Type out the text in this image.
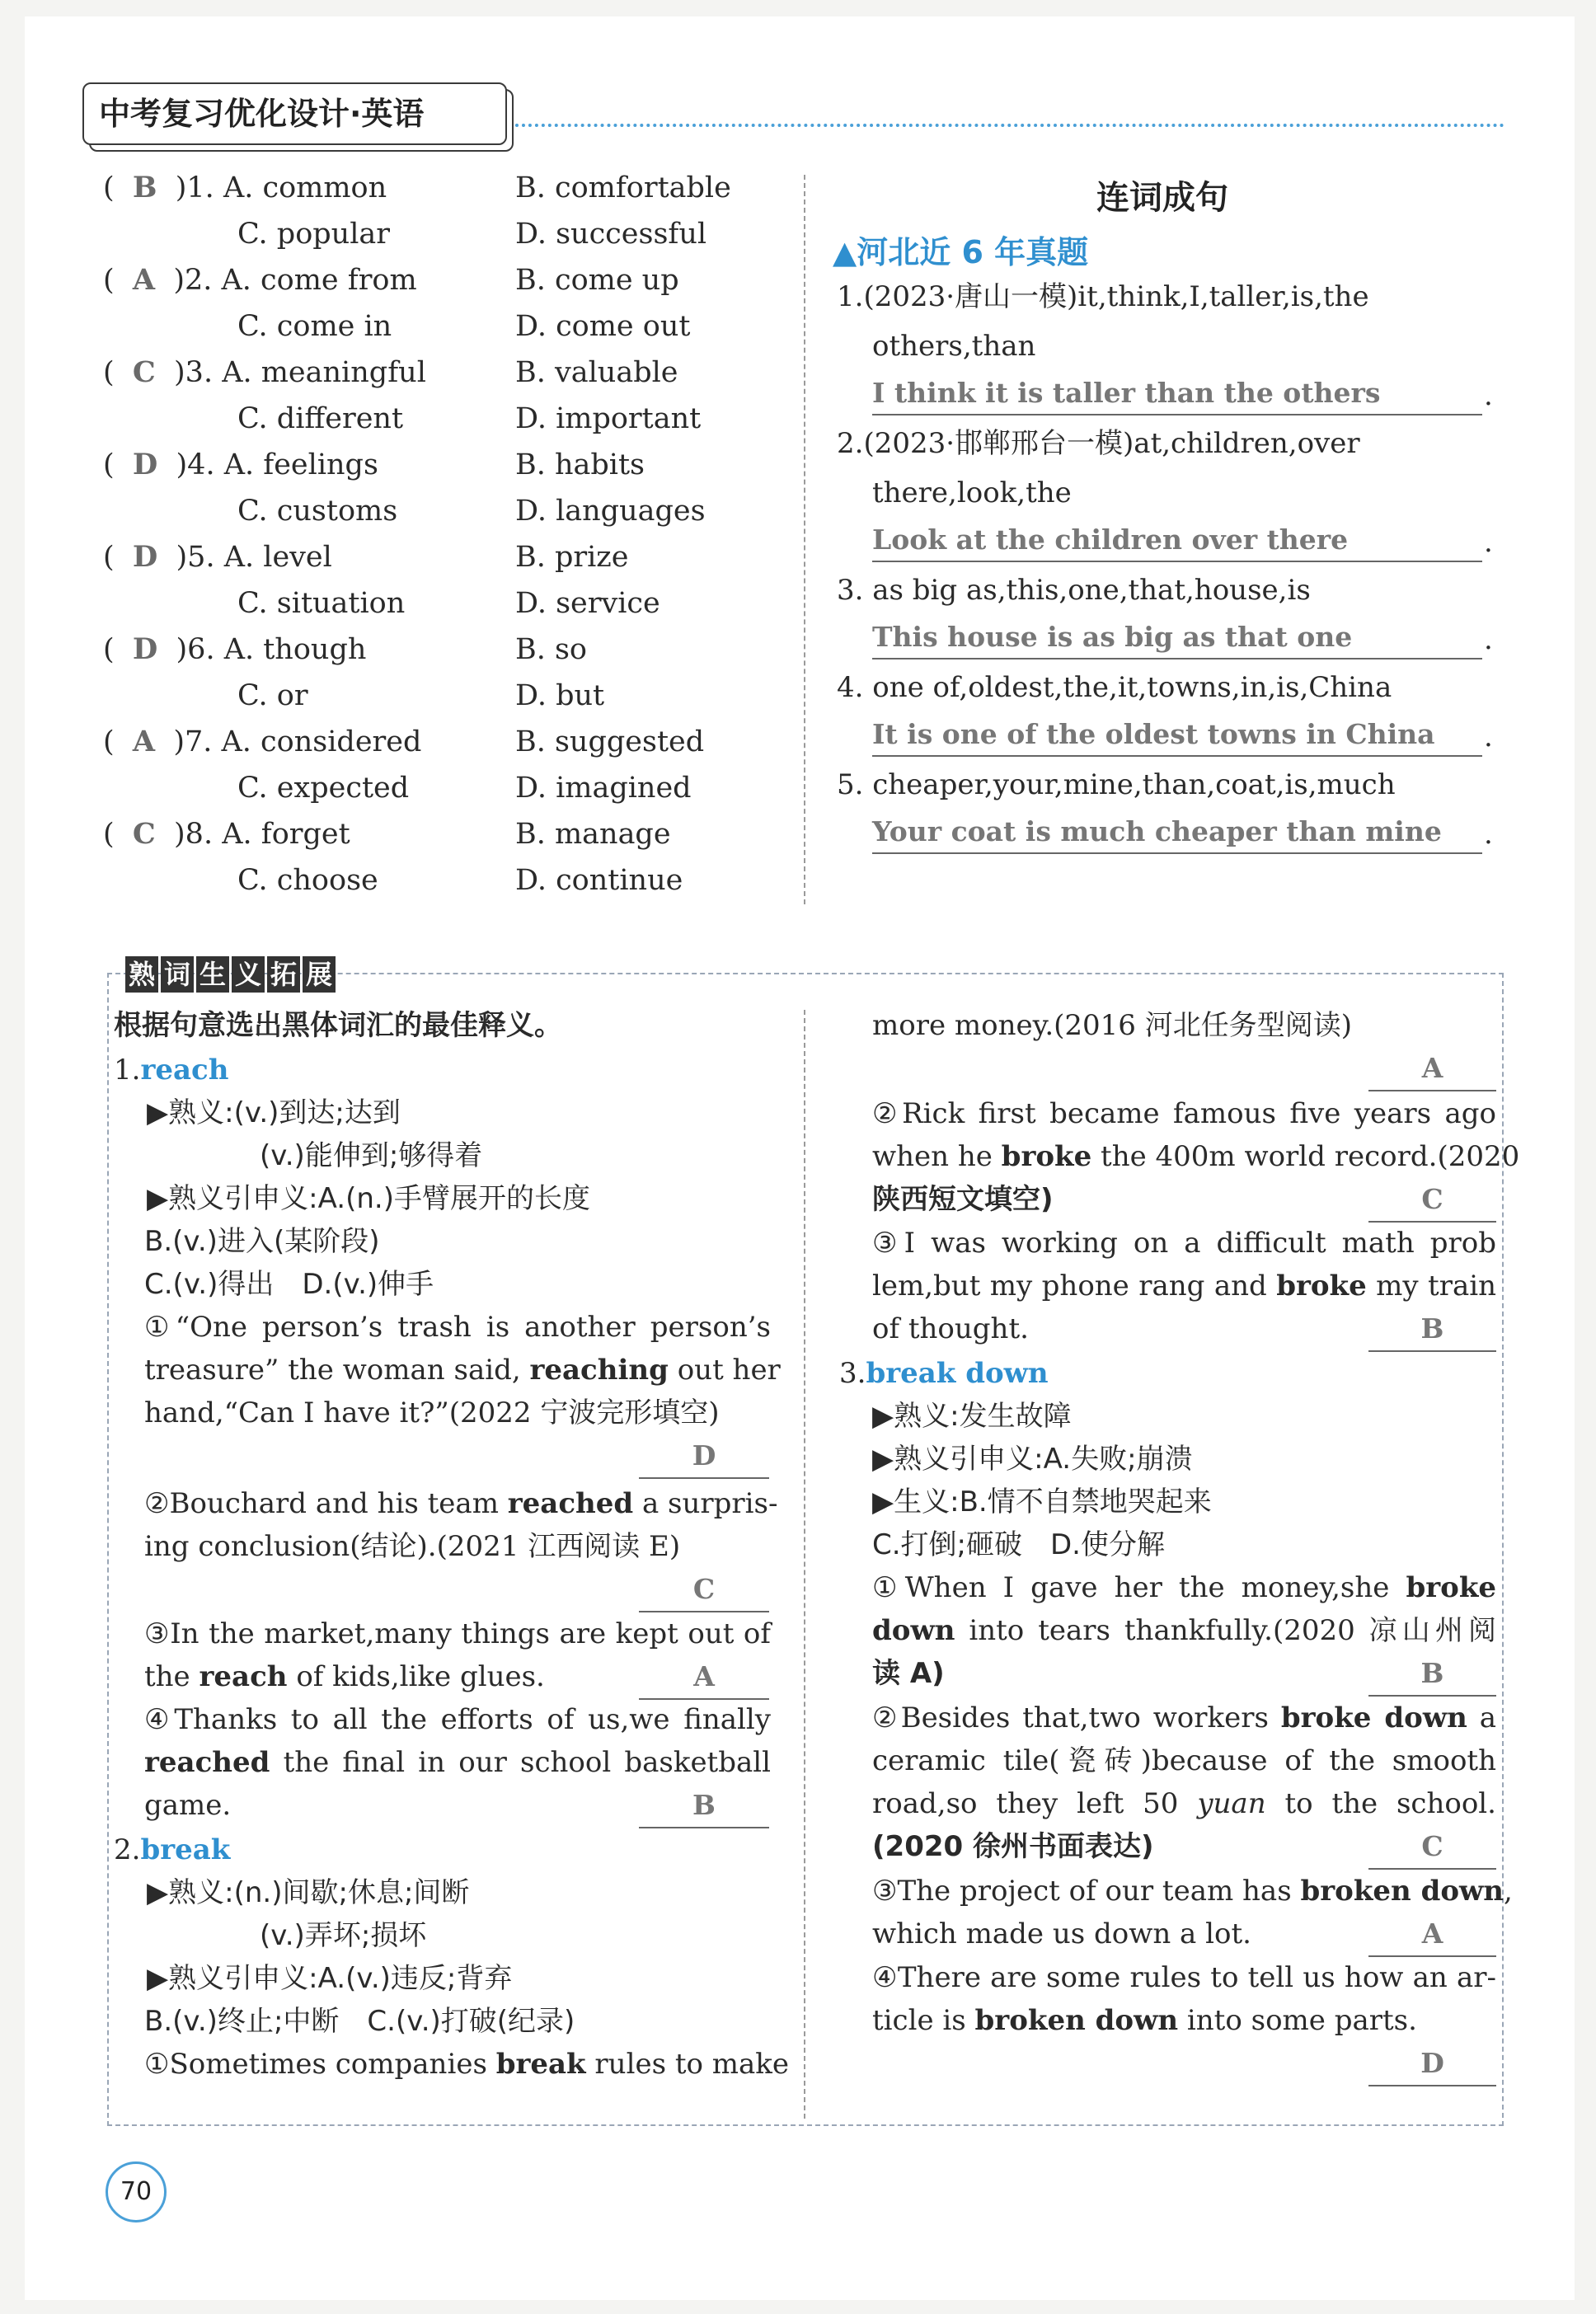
中考复习优化设计·英语
(  B  )1. A. common	B. comfortable
C. popular	D. successful
(  A  )2. A. come from	B. come up
C. come in	D. come out
(  C  )3. A. meaningful	B. valuable
C. different	D. important
(  D  )4. A. feelings	B. habits
C. customs	D. languages
(  D  )5. A. level	B. prize
C. situation	D. service
(  D  )6. A. though	B. so
C. or	D. but
(  A  )7. A. considered	B. suggested
C. expected	D. imagined
(  C  )8. A. forget	B. manage
C. choose	D. continue
连词成句
▲河北近 6 年真题
1.(2023·唐山一模)it,think,I,taller,is,the
others,than
I think it is taller than the others	.
2.(2023·邯郸邢台一模)at,children,over
there,look,the
Look at the children over there	.
3. as big as,this,one,that,house,is
This house is as big as that one	.
4. one of,oldest,the,it,towns,in,is,China
It is one of the oldest towns in China	.
5. cheaper,your,mine,than,coat,is,much
Your coat is much cheaper than mine	.
熟 词 生 义 拓 展
根据句意选出黑体词汇的最佳释义。
1.reach
▶熟义:(v.)到达;达到
(v.)能伸到;够得着
▶熟义引申义:A.(n.)手臂展开的长度
B.(v.)进入(某阶段)
C.(v.)得出　D.(v.)伸手
①“One person’s trash is another person’s
treasure” the woman said, reaching out her
hand,“Can I have it?”(2022 宁波完形填空)
D
②Bouchard and his team reached a surpris-
ing conclusion(结论).(2021 江西阅读 E)
C
③In the market,many things are kept out of
the reach of kids,like glues.	A
④Thanks to all the efforts of us,we finally
reached the final in our school basketball
game.	B
2.break
▶熟义:(n.)间歇;休息;间断
(v.)弄坏;损坏
▶熟义引申义:A.(v.)违反;背弃
B.(v.)终止;中断　C.(v.)打破(纪录)
①Sometimes companies break rules to make
more money.(2016 河北任务型阅读)
A
②Rick first became famous five years ago
when he broke the 400m world record.(2020
陕西短文填空)	C
③I was working on a difficult math prob
lem,but my phone rang and broke my train
of thought.	B
3.break down
▶熟义:发生故障
▶熟义引申义:A.失败;崩溃
▶生义:B.情不自禁地哭起来
C.打倒;砸破　D.使分解
①When I gave her the money,she broke
down into tears thankfully.(2020 凉山州阅
读 A)	B
②Besides that,two workers broke down a
ceramic tile(瓷砖)because of the smooth
road,so they left 50 yuan to the school.
(2020 徐州书面表达)	C
③The project of our team has broken down,
which made us down a lot.	A
④There are some rules to tell us how an ar-
ticle is broken down into some parts.
D
70
